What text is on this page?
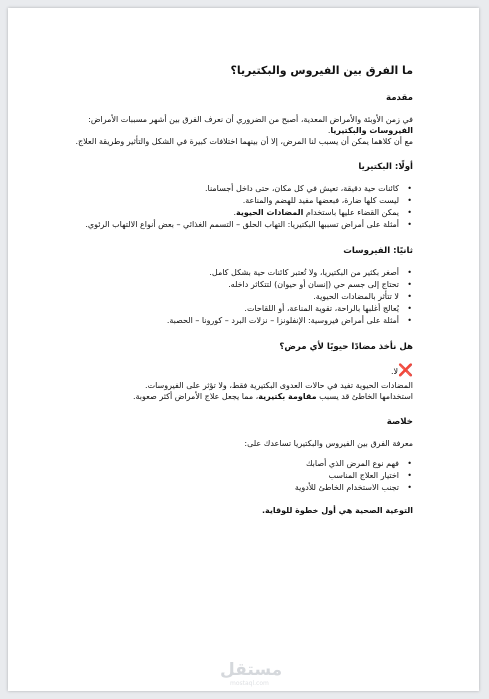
ما الفرق بين الفيروس والبكتيريا؟
مقدمة

في زمن الأوبئة والأمراض المعدية، أصبح من الضروري أن نعرف الفرق بين أشهر مسببات الأمراض: الفيروسات والبكتيريا.

مع أن كلاهما يمكن أن يسبب لنا المرض، إلا أن بينهما اختلافات كبيرة في الشكل والتأثير وطريقة العلاج.

أولًا: البكتيريا
• كائنات حية دقيقة، تعيش في كل مكان، حتى داخل أجسامنا.
• ليست كلها ضارة، فبعضها مفيد للهضم والمناعة.
• يمكن القضاء عليها باستخدام المضادات الحيوية.
• أمثلة على أمراض تسببها البكتيريا: التهاب الحلق – التسمم الغذائي – بعض أنواع الالتهاب الرئوي.
ثانيًا: الفيروسات
• أصغر بكثير من البكتيريا، ولا تُعتبر كائنات حية بشكل كامل.
• تحتاج إلى جسم حي (إنسان أو حيوان) لتتكاثر داخله.
• لا تتأثر بالمضادات الحيوية.
• يُعالج أغلبها بالراحة، تقوية المناعة، أو اللقاحات.
• أمثلة على أمراض فيروسية: الإنفلونزا – نزلات البرد – كورونا – الحصبة.
هل نأخذ مضادًا حيويًا لأي مرض؟
❌لا.

المضادات الحيوية تفيد في حالات العدوى البكتيرية فقط، ولا تؤثر على الفيروسات.

استخدامها الخاطئ قد يسبب مقاومة بكتيرية، مما يجعل علاج الأمراض أكثر صعوبة.

خلاصة

معرفة الفرق بين الفيروس والبكتيريا تساعدك على:

• فهم نوع المرض الذي أصابك
• اختيار العلاج المناسب
• تجنب الاستخدام الخاطئ للأدوية

التوعية الصحية هي أول خطوة للوقاية.

مستقل
mostaql.com
